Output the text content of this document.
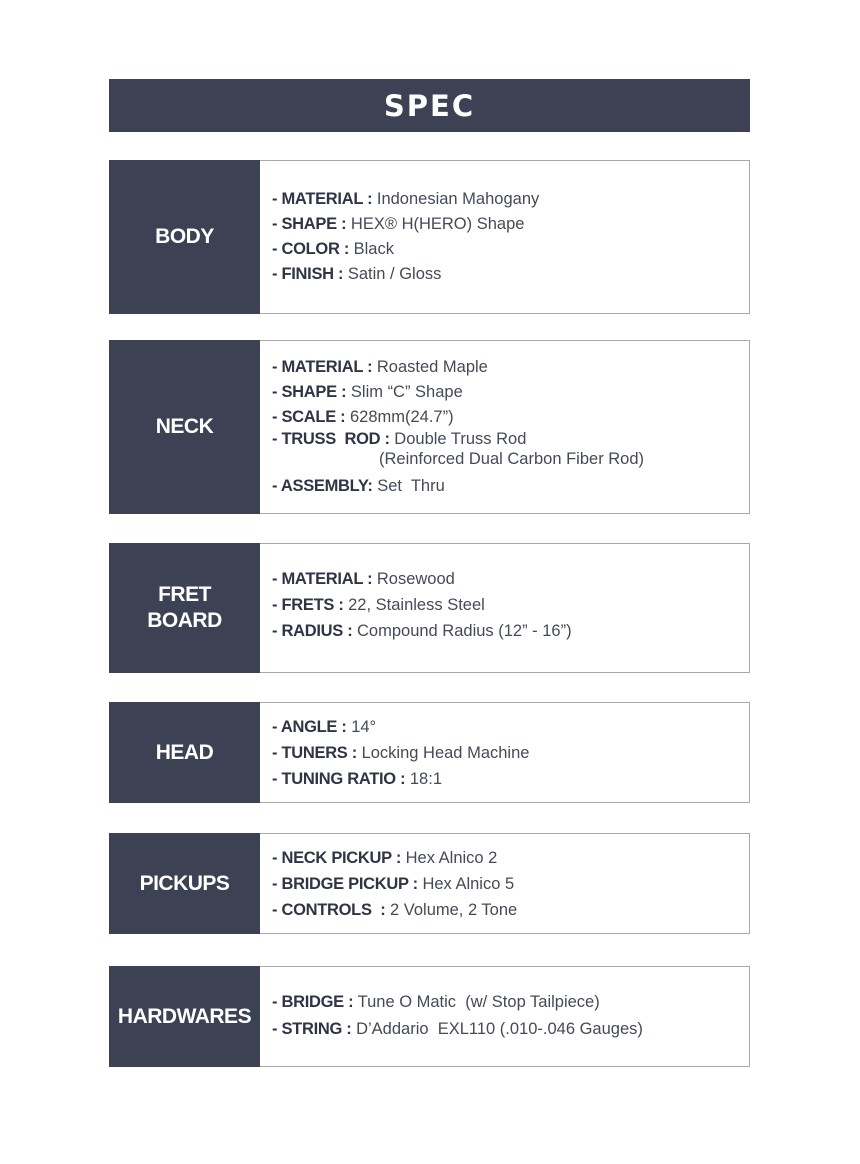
SPEC
BODY
- MATERIAL : Indonesian Mahogany
- SHAPE : HEX® H(HERO) Shape
- COLOR : Black
- FINISH : Satin / Gloss
NECK
- MATERIAL : Roasted Maple
- SHAPE : Slim “C” Shape
- SCALE : 628mm(24.7”)
- TRUSS  ROD : Double Truss Rod
(Reinforced Dual Carbon Fiber Rod)
- ASSEMBLY: Set  Thru
FRET
BOARD
- MATERIAL : Rosewood
- FRETS : 22, Stainless Steel
- RADIUS : Compound Radius (12” - 16”)
HEAD
- ANGLE : 14°
- TUNERS : Locking Head Machine
- TUNING RATIO : 18:1
PICKUPS
- NECK PICKUP : Hex Alnico 2
- BRIDGE PICKUP : Hex Alnico 5
- CONTROLS  : 2 Volume, 2 Tone
HARDWARES
- BRIDGE : Tune O Matic  (w/ Stop Tailpiece)
- STRING : D’Addario  EXL110 (.010-.046 Gauges)
